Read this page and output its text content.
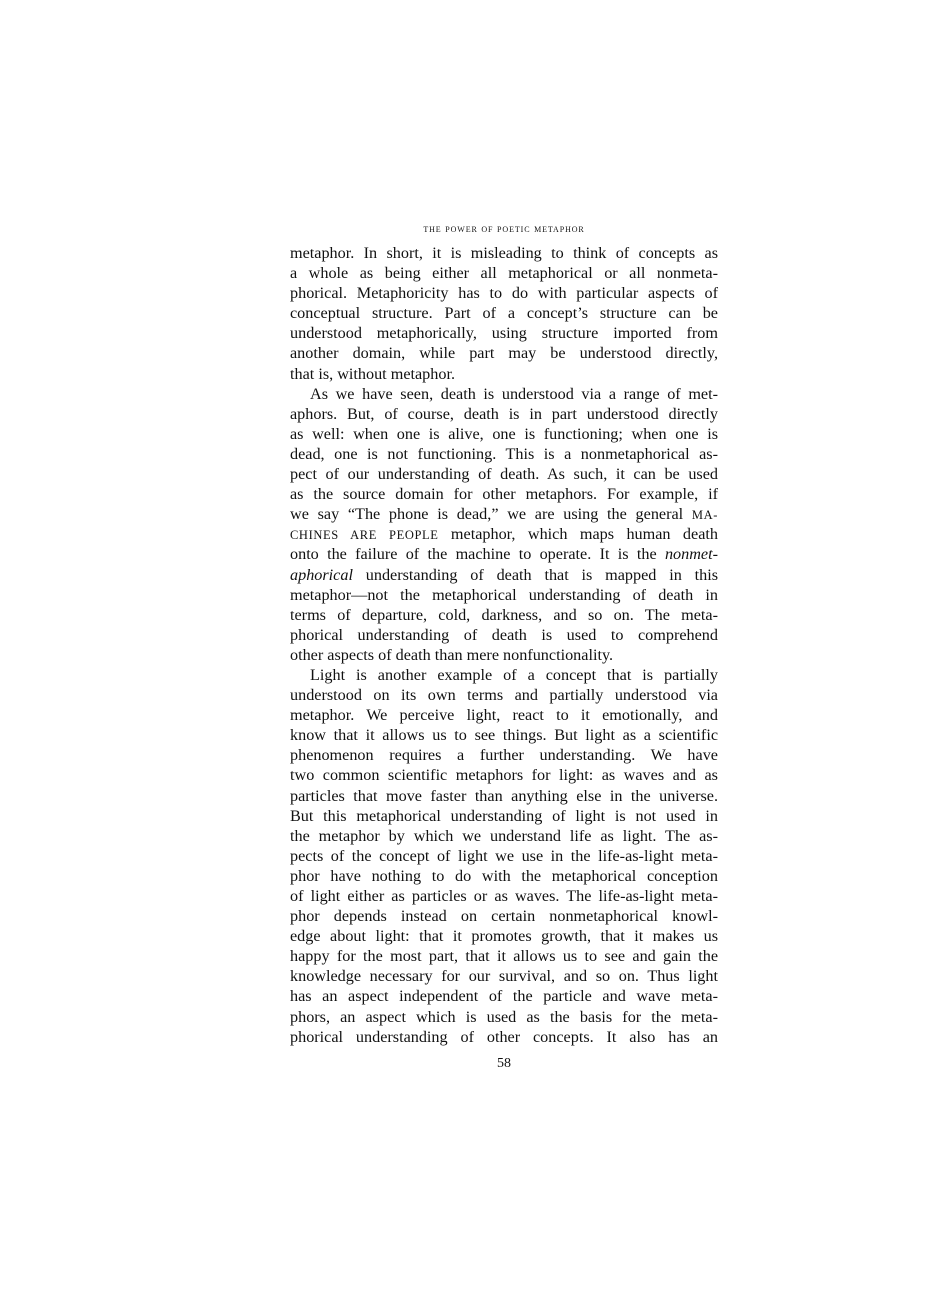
the power of poetic metaphor
metaphor. In short, it is misleading to think of concepts as
a whole as being either all metaphorical or all nonmeta-
phorical. Metaphoricity has to do with particular aspects of
conceptual structure. Part of a concept’s structure can be
understood metaphorically, using structure imported from
another domain, while part may be understood directly,
that is, without metaphor.
As we have seen, death is understood via a range of met-
aphors. But, of course, death is in part understood directly
as well: when one is alive, one is functioning; when one is
dead, one is not functioning. This is a nonmetaphorical as-
pect of our understanding of death. As such, it can be used
as the source domain for other metaphors. For example, if
we say “The phone is dead,” we are using the general MA-
CHINES ARE PEOPLE metaphor, which maps human death
onto the failure of the machine to operate. It is the nonmet-
aphorical understanding of death that is mapped in this
metaphor—not the metaphorical understanding of death in
terms of departure, cold, darkness, and so on. The meta-
phorical understanding of death is used to comprehend
other aspects of death than mere nonfunctionality.
Light is another example of a concept that is partially
understood on its own terms and partially understood via
metaphor. We perceive light, react to it emotionally, and
know that it allows us to see things. But light as a scientific
phenomenon requires a further understanding. We have
two common scientific metaphors for light: as waves and as
particles that move faster than anything else in the universe.
But this metaphorical understanding of light is not used in
the metaphor by which we understand life as light. The as-
pects of the concept of light we use in the life-as-light meta-
phor have nothing to do with the metaphorical conception
of light either as particles or as waves. The life-as-light meta-
phor depends instead on certain nonmetaphorical knowl-
edge about light: that it promotes growth, that it makes us
happy for the most part, that it allows us to see and gain the
knowledge necessary for our survival, and so on. Thus light
has an aspect independent of the particle and wave meta-
phors, an aspect which is used as the basis for the meta-
phorical understanding of other concepts. It also has an
58
